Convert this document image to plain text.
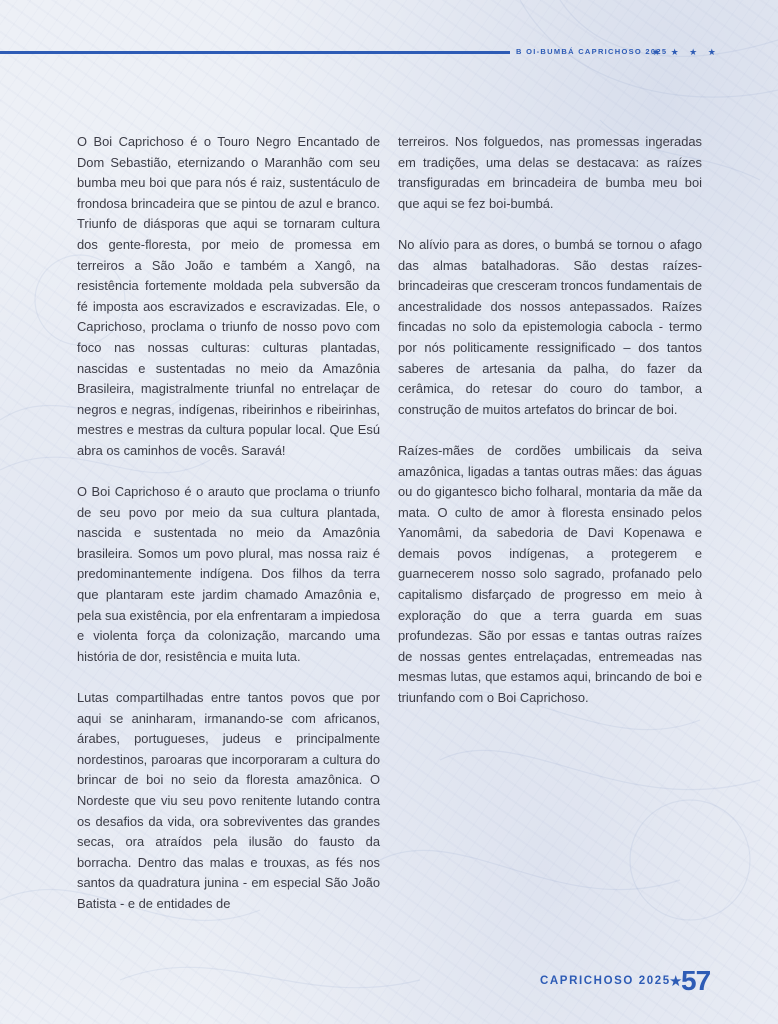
B OI-BUMBÁ CAPRICHOSO 2025
★ ★ ★ ★

O Boi Caprichoso é o Touro Negro Encantado de Dom Sebastião, eternizando o Maranhão com seu bumba meu boi que para nós é raiz, sustentáculo de frondosa brincadeira que se pintou de azul e branco. Triunfo de diásporas que aqui se tornaram cultura dos gente-floresta, por meio de promessa em terreiros a São João e também a Xangô, na resistência fortemente moldada pela subversão da fé imposta aos escravizados e escravizadas. Ele, o Caprichoso, proclama o triunfo de nosso povo com foco nas nossas culturas: culturas plantadas, nascidas e sustentadas no meio da Amazônia Brasileira, magistralmente triunfal no entrelaçar de negros e negras, indígenas, ribeirinhos e ribeirinhas, mestres e mestras da cultura popular local. Que Esú abra os caminhos de vocês. Saravá!

O Boi Caprichoso é o arauto que proclama o triunfo de seu povo por meio da sua cultura plantada, nascida e sustentada no meio da Amazônia brasileira. Somos um povo plural, mas nossa raiz é predominantemente indígena. Dos filhos da terra que plantaram este jardim chamado Amazônia e, pela sua existência, por ela enfrentaram a impiedosa e violenta força da colonização, marcando uma história de dor, resistência e muita luta.

Lutas compartilhadas entre tantos povos que por aqui se aninharam, irmanando-se com africanos, árabes, portugueses, judeus e principalmente nordestinos, paroaras que incorporaram a cultura do brincar de boi no seio da floresta amazônica. O Nordeste que viu seu povo renitente lutando contra os desafios da vida, ora sobreviventes das grandes secas, ora atraídos pela ilusão do fausto da borracha. Dentro das malas e trouxas, as fés nos santos da quadratura junina - em especial São João Batista - e de entidades de

terreiros. Nos folguedos, nas promessas ingeradas em tradições, uma delas se destacava: as raízes transfiguradas em brincadeira de bumba meu boi que aqui se fez boi-bumbá.

No alívio para as dores, o bumbá se tornou o afago das almas batalhadoras. São destas raízes-brincadeiras que cresceram troncos fundamentais de ancestralidade dos nossos antepassados. Raízes fincadas no solo da epistemologia cabocla - termo por nós politicamente ressignificado – dos tantos saberes de artesania da palha, do fazer da cerâmica, do retesar do couro do tambor, a construção de muitos artefatos do brincar de boi.

Raízes-mães de cordões umbilicais da seiva amazônica, ligadas a tantas outras mães: das águas ou do gigantesco bicho folharal, montaria da mãe da mata. O culto de amor à floresta ensinado pelos Yanomâmi, da sabedoria de Davi Kopenawa e demais povos indígenas, a protegerem e guarnecerem nosso solo sagrado, profanado pelo capitalismo disfarçado de progresso em meio à exploração do que a terra guarda em suas profundezas. São por essas e tantas outras raízes de nossas gentes entrelaçadas, entremeadas nas mesmas lutas, que estamos aqui, brincando de boi e triunfando com o Boi Caprichoso.

CAPRICHOSO 2025
★
57
